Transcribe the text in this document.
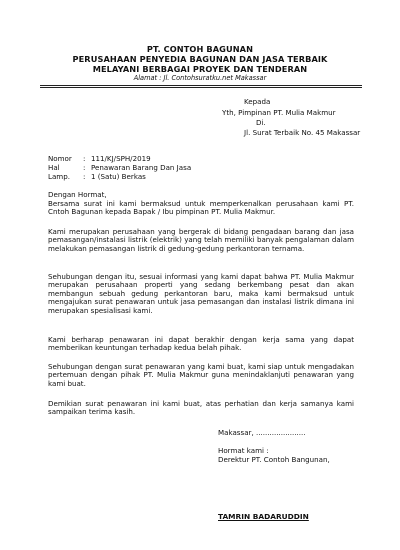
PT. CONTOH BAGUNAN
PERUSAHAAN PENYEDIA BAGUNAN DAN JASA TERBAIK
MELAYANI BERBAGAI PROYEK DAN TENDERAN
Alamat : Jl. Contohsuratku.net Makassar
Kepada
Yth, Pimpinan PT. Mulia Makmur
Di.
Jl. Surat Terbaik No. 45 Makassar
Nomor : 111/KJ/SPH/2019
Hal	: Penawaran Barang Dan Jasa
Lamp. : 1 (Satu) Berkas
Dengan Hormat,
Bersama surat ini kami bermaksud untuk memperkenalkan perusahaan kami PT. Cntoh Bagunan kepada Bapak / Ibu pimpinan PT. Mulia Makmur.
Kami merupakan perusahaan yang bergerak di bidang pengadaan barang dan jasa pemasangan/instalasi listrik (elektrik) yang telah memiliki banyak pengalaman dalam melakukan pemasangan listrik di gedung-gedung perkantoran ternama.
Sehubungan dengan itu, sesuai informasi yang kami dapat bahwa PT. Mulia Makmur merupakan perusahaan properti yang sedang berkembang pesat dan akan membangun sebuah gedung perkantoran baru, maka kami bermaksud untuk mengajukan surat penawaran untuk jasa pemasangan dan instalasi listrik dimana ini merupakan spesialisasi kami.
Kami berharap penawaran ini dapat berakhir dengan kerja sama yang dapat memberikan keuntungan terhadap kedua belah pihak.
Sehubungan dengan surat penawaran yang kami buat, kami siap untuk mengadakan pertemuan dengan pihak PT. Mulia Makmur guna menindaklanjuti penawaran yang kami buat.
Demikian surat penawaran ini kami buat, atas perhatian dan kerja samanya kami sampaikan terima kasih.
Makassar, ......................
Hormat kami :
Derektur PT. Contoh Bangunan,
TAMRIN BADARUDDIN
